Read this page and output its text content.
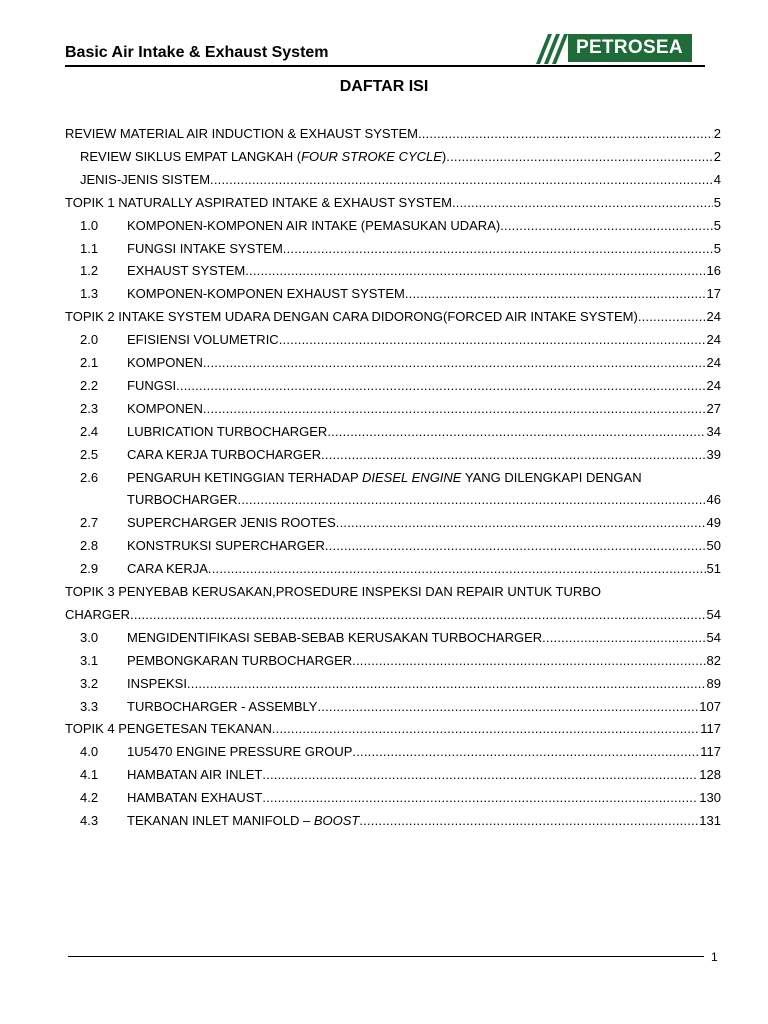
Basic Air Intake & Exhaust System	PETROSEA
DAFTAR ISI
REVIEW MATERIAL AIR INDUCTION & EXHAUST SYSTEM .....	2
REVIEW SIKLUS EMPAT LANGKAH (FOUR STROKE CYCLE) .....	2
JENIS-JENIS SISTEM .....	4
TOPIK 1 NATURALLY ASPIRATED INTAKE & EXHAUST SYSTEM .....	5
1.0 KOMPONEN-KOMPONEN AIR INTAKE (PEMASUKAN UDARA) .....	5
1.1 FUNGSI INTAKE SYSTEM .....	5
1.2 EXHAUST SYSTEM .....	16
1.3 KOMPONEN-KOMPONEN EXHAUST SYSTEM .....	17
TOPIK 2 INTAKE SYSTEM UDARA DENGAN CARA DIDORONG(FORCED AIR INTAKE SYSTEM) .....	24
2.0 EFISIENSI VOLUMETRIC .....	24
2.1 KOMPONEN .....	24
2.2 FUNGSI .....	24
2.3 KOMPONEN .....	27
2.4 LUBRICATION TURBOCHARGER .....	34
2.5 CARA KERJA TURBOCHARGER .....	39
2.6 PENGARUH KETINGGIAN TERHADAP DIESEL ENGINE YANG DILENGKAPI DENGAN
TURBOCHARGER .....	46
2.7 SUPERCHARGER JENIS ROOTES .....	49
2.8 KONSTRUKSI SUPERCHARGER .....	50
2.9 CARA KERJA .....	51
TOPIK 3 PENYEBAB KERUSAKAN,PROSEDURE INSPEKSI DAN REPAIR UNTUK TURBO
CHARGER .....	54
3.0 MENGIDENTIFIKASI SEBAB-SEBAB KERUSAKAN TURBOCHARGER .....	54
3.1 PEMBONGKARAN TURBOCHARGER .....	82
3.2 INSPEKSI .....	89
3.3 TURBOCHARGER - ASSEMBLY .....	107
TOPIK 4 PENGETESAN TEKANAN .....	117
4.0 1U5470 ENGINE PRESSURE GROUP .....	117
4.1 HAMBATAN AIR INLET .....	128
4.2 HAMBATAN EXHAUST .....	130
4.3 TEKANAN INLET MANIFOLD – BOOST .....	131
1
